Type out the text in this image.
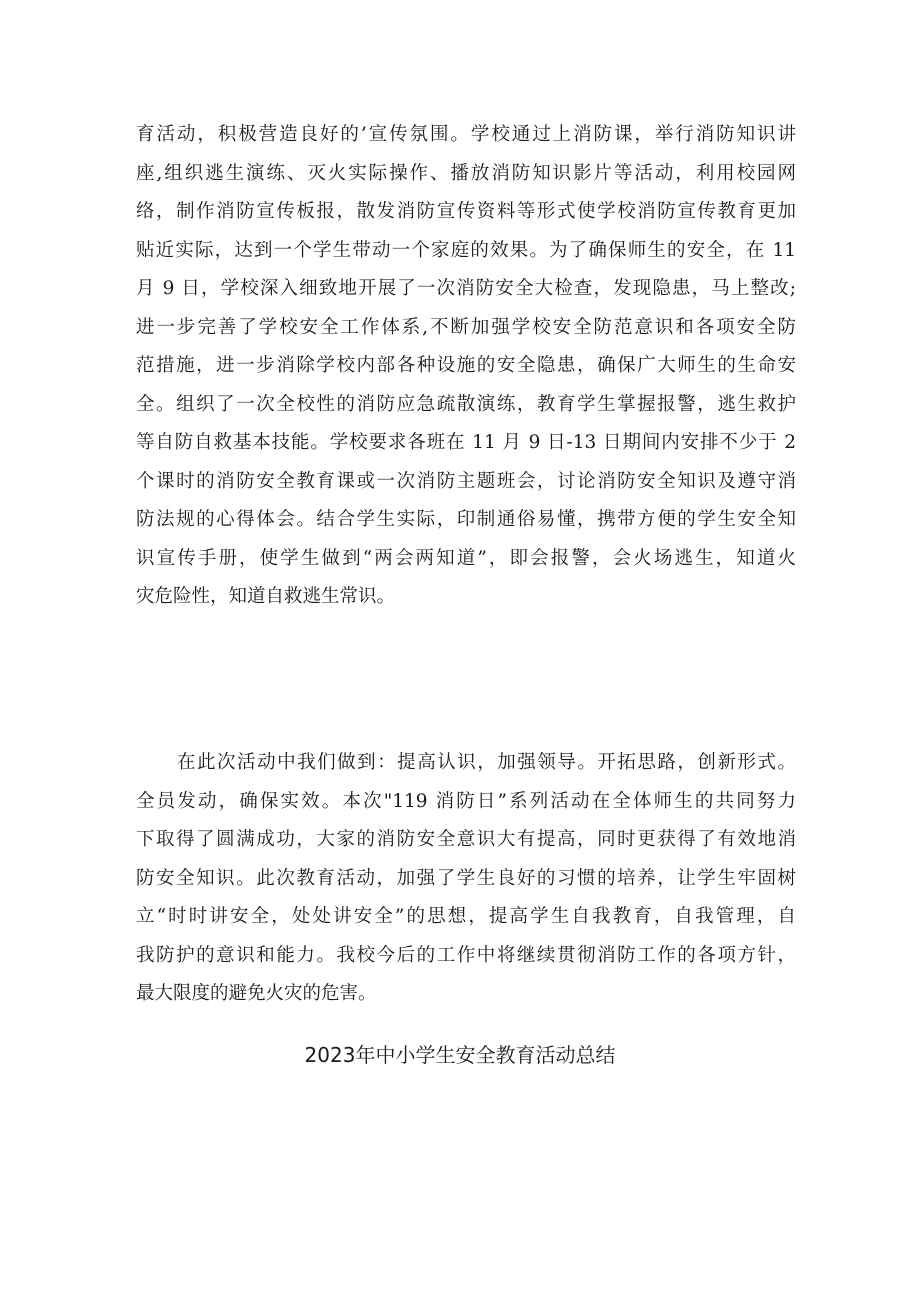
育活动，积极营造良好的’宣传氛围。学校通过上消防课，举行消防知识讲
座,组织逃生演练、灭火实际操作、播放消防知识影片等活动，利用校园网
络，制作消防宣传板报，散发消防宣传资料等形式使学校消防宣传教育更加
贴近实际，达到一个学生带动一个家庭的效果。为了确保师生的安全，在 11
月 9 日，学校深入细致地开展了一次消防安全大检查，发现隐患，马上整改;
进一步完善了学校安全工作体系,不断加强学校安全防范意识和各项安全防
范措施，进一步消除学校内部各种设施的安全隐患，确保广大师生的生命安
全。组织了一次全校性的消防应急疏散演练，教育学生掌握报警，逃生救护
等自防自救基本技能。学校要求各班在 11 月 9 日-13 日期间内安排不少于 2
个课时的消防安全教育课或一次消防主题班会，讨论消防安全知识及遵守消
防法规的心得体会。结合学生实际，印制通俗易懂，携带方便的学生安全知
识宣传手册，使学生做到“两会两知道”，即会报警，会火场逃生，知道火
灾危险性，知道自救逃生常识。
在此次活动中我们做到：提高认识，加强领导。开拓思路，创新形式。
全员发动，确保实效。本次"119 消防日”系列活动在全体师生的共同努力
下取得了圆满成功，大家的消防安全意识大有提高，同时更获得了有效地消
防安全知识。此次教育活动，加强了学生良好的习惯的培养，让学生牢固树
立“时时讲安全，处处讲安全”的思想，提高学生自我教育，自我管理，自
我防护的意识和能力。我校今后的工作中将继续贯彻消防工作的各项方针，
最大限度的避免火灾的危害。
2023年中小学生安全教育活动总结
